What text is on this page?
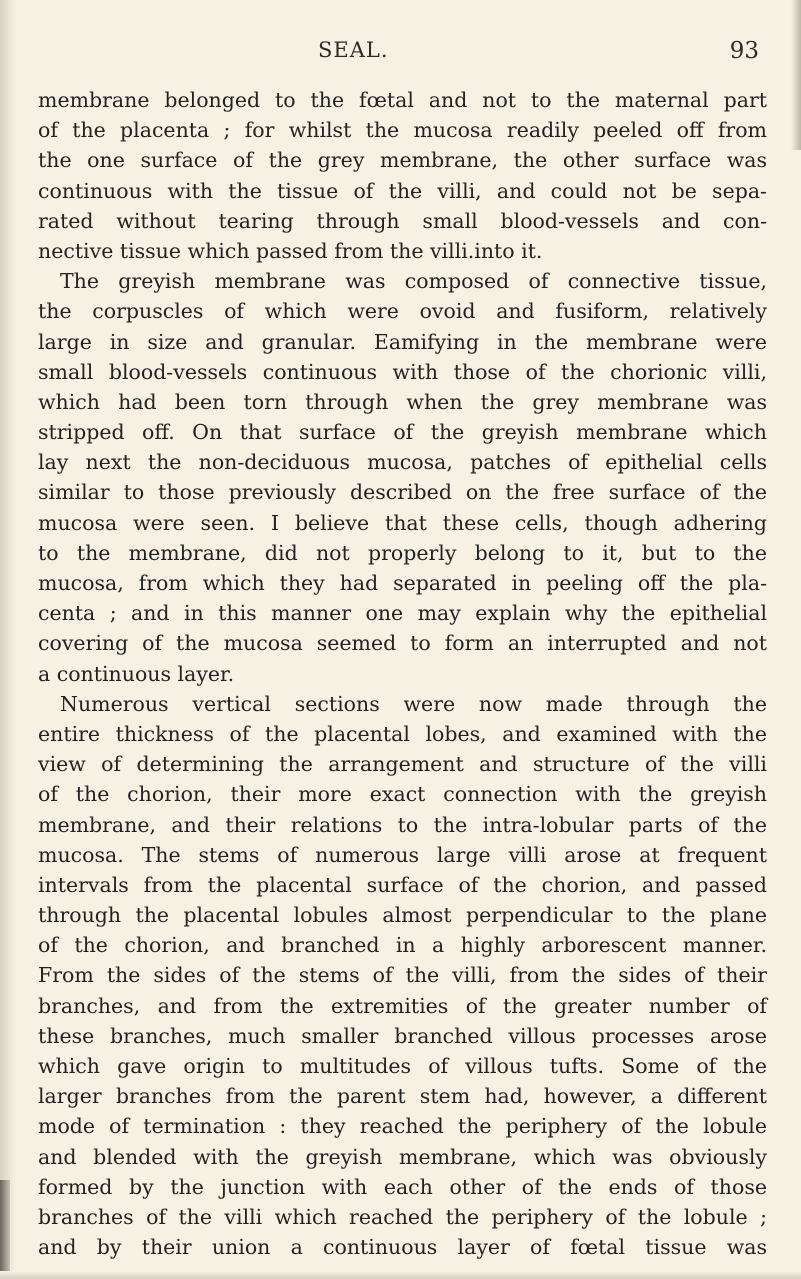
SEAL.	93
membrane belonged to the fœtal and not to the maternal part
of the placenta ; for whilst the mucosa readily peeled off from
the one surface of the grey membrane, the other surface was
continuous with the tissue of the villi, and could not be sepa-
rated without tearing through small blood-vessels and con-
nective tissue which passed from the villi.into it.
The greyish membrane was composed of connective tissue,
the corpuscles of which were ovoid and fusiform, relatively
large in size and granular. Eamifying in the membrane were
small blood-vessels continuous with those of the chorionic villi,
which had been torn through when the grey membrane was
stripped off. On that surface of the greyish membrane which
lay next the non-deciduous mucosa, patches of epithelial cells
similar to those previously described on the free surface of the
mucosa were seen. I believe that these cells, though adhering
to the membrane, did not properly belong to it, but to the
mucosa, from which they had separated in peeling off the pla-
centa ; and in this manner one may explain why the epithelial
covering of the mucosa seemed to form an interrupted and not
a continuous layer.
Numerous vertical sections were now made through the
entire thickness of the placental lobes, and examined with the
view of determining the arrangement and structure of the villi
of the chorion, their more exact connection with the greyish
membrane, and their relations to the intra-lobular parts of the
mucosa. The stems of numerous large villi arose at frequent
intervals from the placental surface of the chorion, and passed
through the placental lobules almost perpendicular to the plane
of the chorion, and branched in a highly arborescent manner.
From the sides of the stems of the villi, from the sides of their
branches, and from the extremities of the greater number of
these branches, much smaller branched villous processes arose
which gave origin to multitudes of villous tufts. Some of the
larger branches from the parent stem had, however, a different
mode of termination : they reached the periphery of the lobule
and blended with the greyish membrane, which was obviously
formed by the junction with each other of the ends of those
branches of the villi which reached the periphery of the lobule ;
and by their union a continuous layer of fœtal tissue was
